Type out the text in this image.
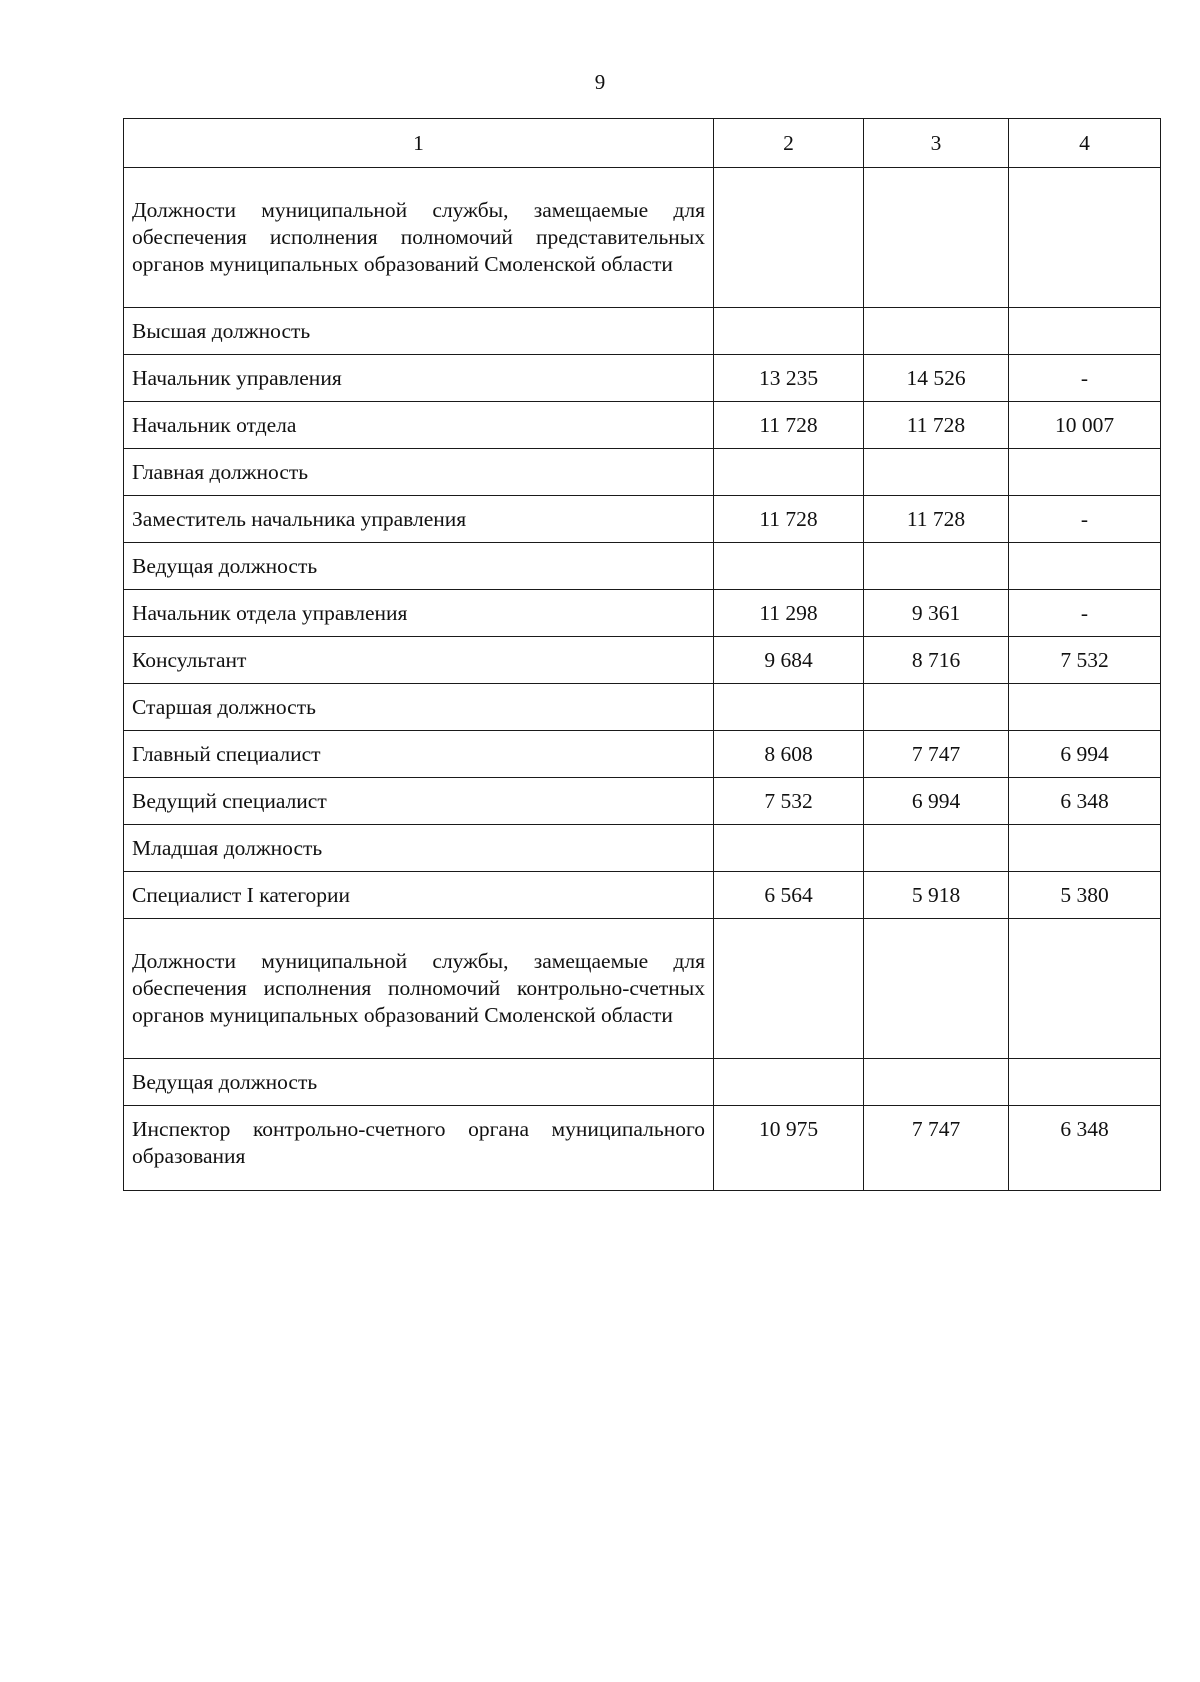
9
1	2	3	4
Должности муниципальной службы, замещаемые для обеспечения исполнения полномочий представительных органов муниципальных образований Смоленской области			
Высшая должность			
Начальник управления	13 235	14 526	-
Начальник отдела	11 728	11 728	10 007
Главная должность			
Заместитель начальника управления	11 728	11 728	-
Ведущая должность			
Начальник отдела управления	11 298	9 361	-
Консультант	9 684	8 716	7 532
Старшая должность			
Главный специалист	8 608	7 747	6 994
Ведущий специалист	7 532	6 994	6 348
Младшая должность			
Специалист I категории	6 564	5 918	5 380
Должности муниципальной службы, замещаемые для обеспечения исполнения полномочий контрольно-счетных органов муниципальных образований Смоленской области			
Ведущая должность			
Инспектор контрольно-счетного органа муниципального образования	10 975	7 747	6 348
